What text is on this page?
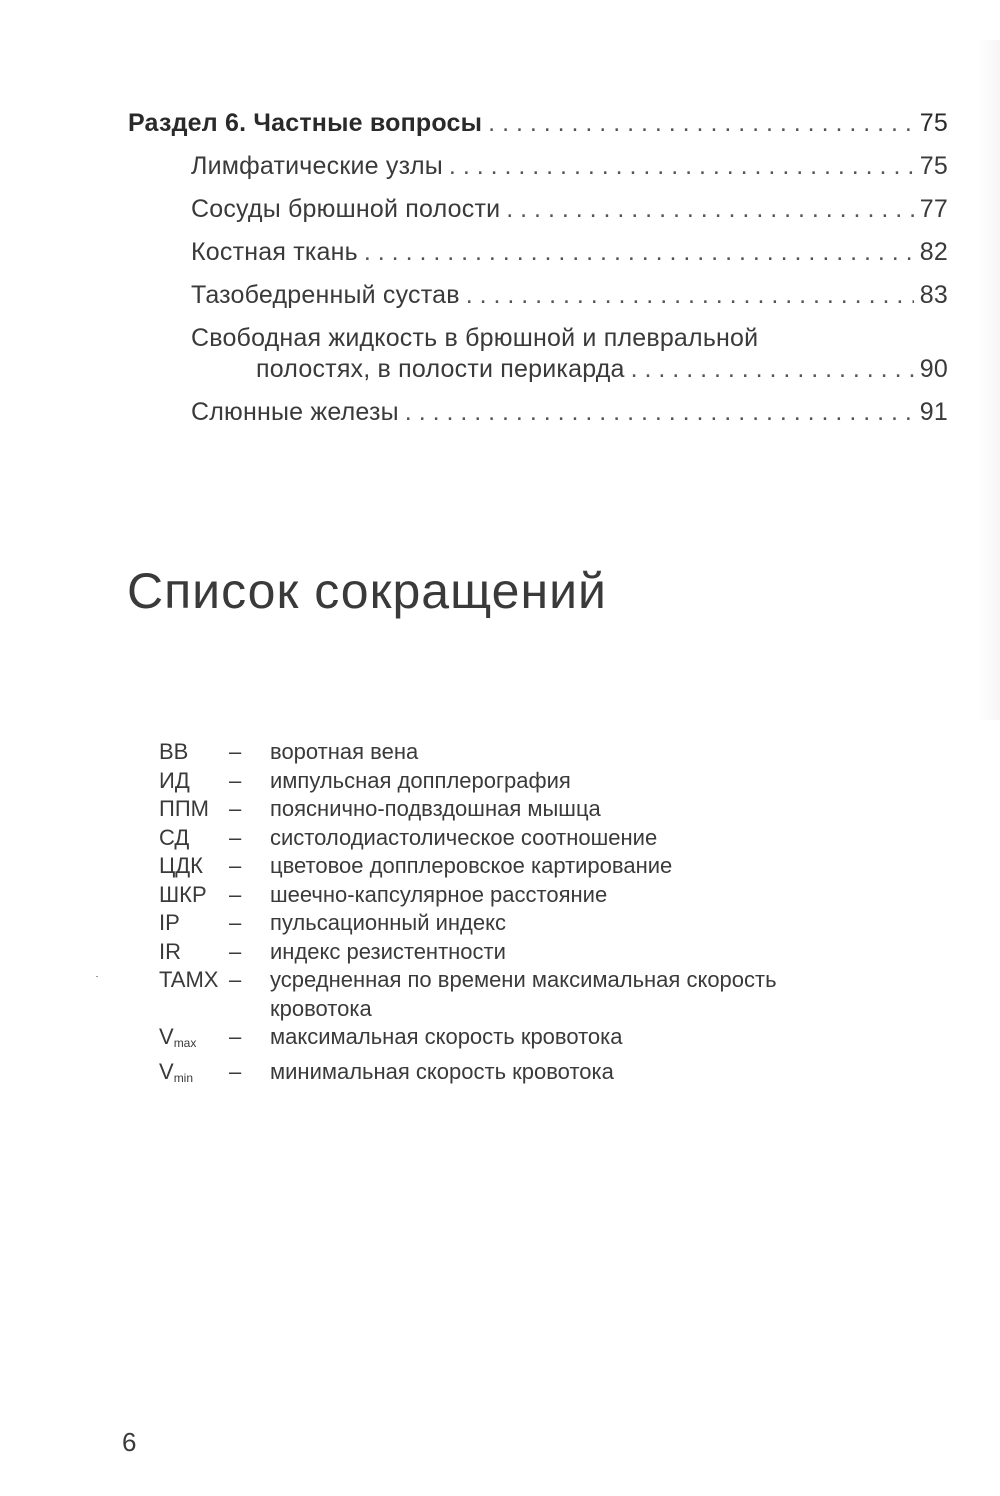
Раздел 6. Частные вопросы . . .	75
Лимфатические узлы . . .	75
Сосуды брюшной полости . . .	77
Костная ткань . . .	82
Тазобедренный сустав . . .	83
Свободная жидкость в брюшной и плевральной
полостях, в полости перикарда . . .	90
Слюнные железы . . .	91
Список сокращений
ВВ	–	воротная вена
ИД	–	импульсная допплерография
ППМ –	пояснично-подвздошная мышца
СД	–	систолодиастолическое соотношение
ЦДК	–	цветовое допплеровское картирование
ШКР	–	шеечно-капсулярное расстояние
IP	–	пульсационный индекс
IR	–	индекс резистентности
TAMX –	усредненная по времени максимальная скорость
кровотока
$V_{max}$	–	максимальная скорость кровотока
$V_{min}$	–	минимальная скорость кровотока
6
